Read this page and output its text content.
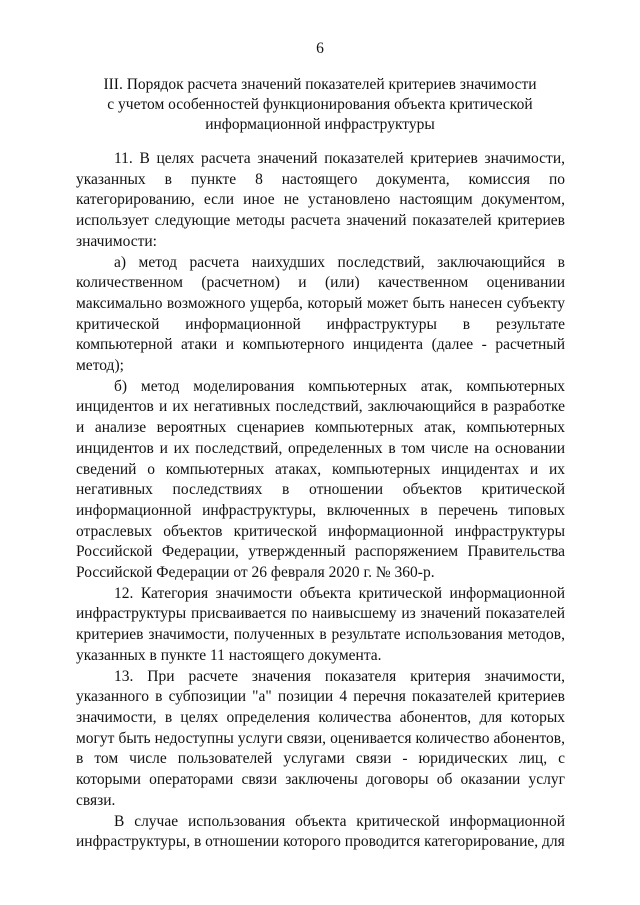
6
III. Порядок расчета значений показателей критериев значимости
с учетом особенностей функционирования объекта критической
информационной инфраструктуры

11. В целях расчета значений показателей критериев значимости, указанных в пункте 8 настоящего документа, комиссия по категорированию, если иное не установлено настоящим документом, использует следующие методы расчета значений показателей критериев значимости:

а) метод расчета наихудших последствий, заключающийся в количественном (расчетном) и (или) качественном оценивании максимально возможного ущерба, который может быть нанесен субъекту критической информационной инфраструктуры в результате компьютерной атаки и компьютерного инцидента (далее - расчетный метод);

б) метод моделирования компьютерных атак, компьютерных инцидентов и их негативных последствий, заключающийся в разработке и анализе вероятных сценариев компьютерных атак, компьютерных инцидентов и их последствий, определенных в том числе на основании сведений о компьютерных атаках, компьютерных инцидентах и их негативных последствиях в отношении объектов критической информационной инфраструктуры, включенных в перечень типовых отраслевых объектов критической информационной инфраструктуры Российской Федерации, утвержденный распоряжением Правительства Российской Федерации от 26 февраля 2020 г. № 360-р.

12. Категория значимости объекта критической информационной инфраструктуры присваивается по наивысшему из значений показателей критериев значимости, полученных в результате использования методов, указанных в пункте 11 настоящего документа.

13. При расчете значения показателя критерия значимости, указанного в субпозиции "а" позиции 4 перечня показателей критериев значимости, в целях определения количества абонентов, для которых могут быть недоступны услуги связи, оценивается количество абонентов, в том числе пользователей услугами связи - юридических лиц, с которыми операторами связи заключены договоры об оказании услуг связи.

В случае использования объекта критической информационной инфраструктуры, в отношении которого проводится категорирование, для
